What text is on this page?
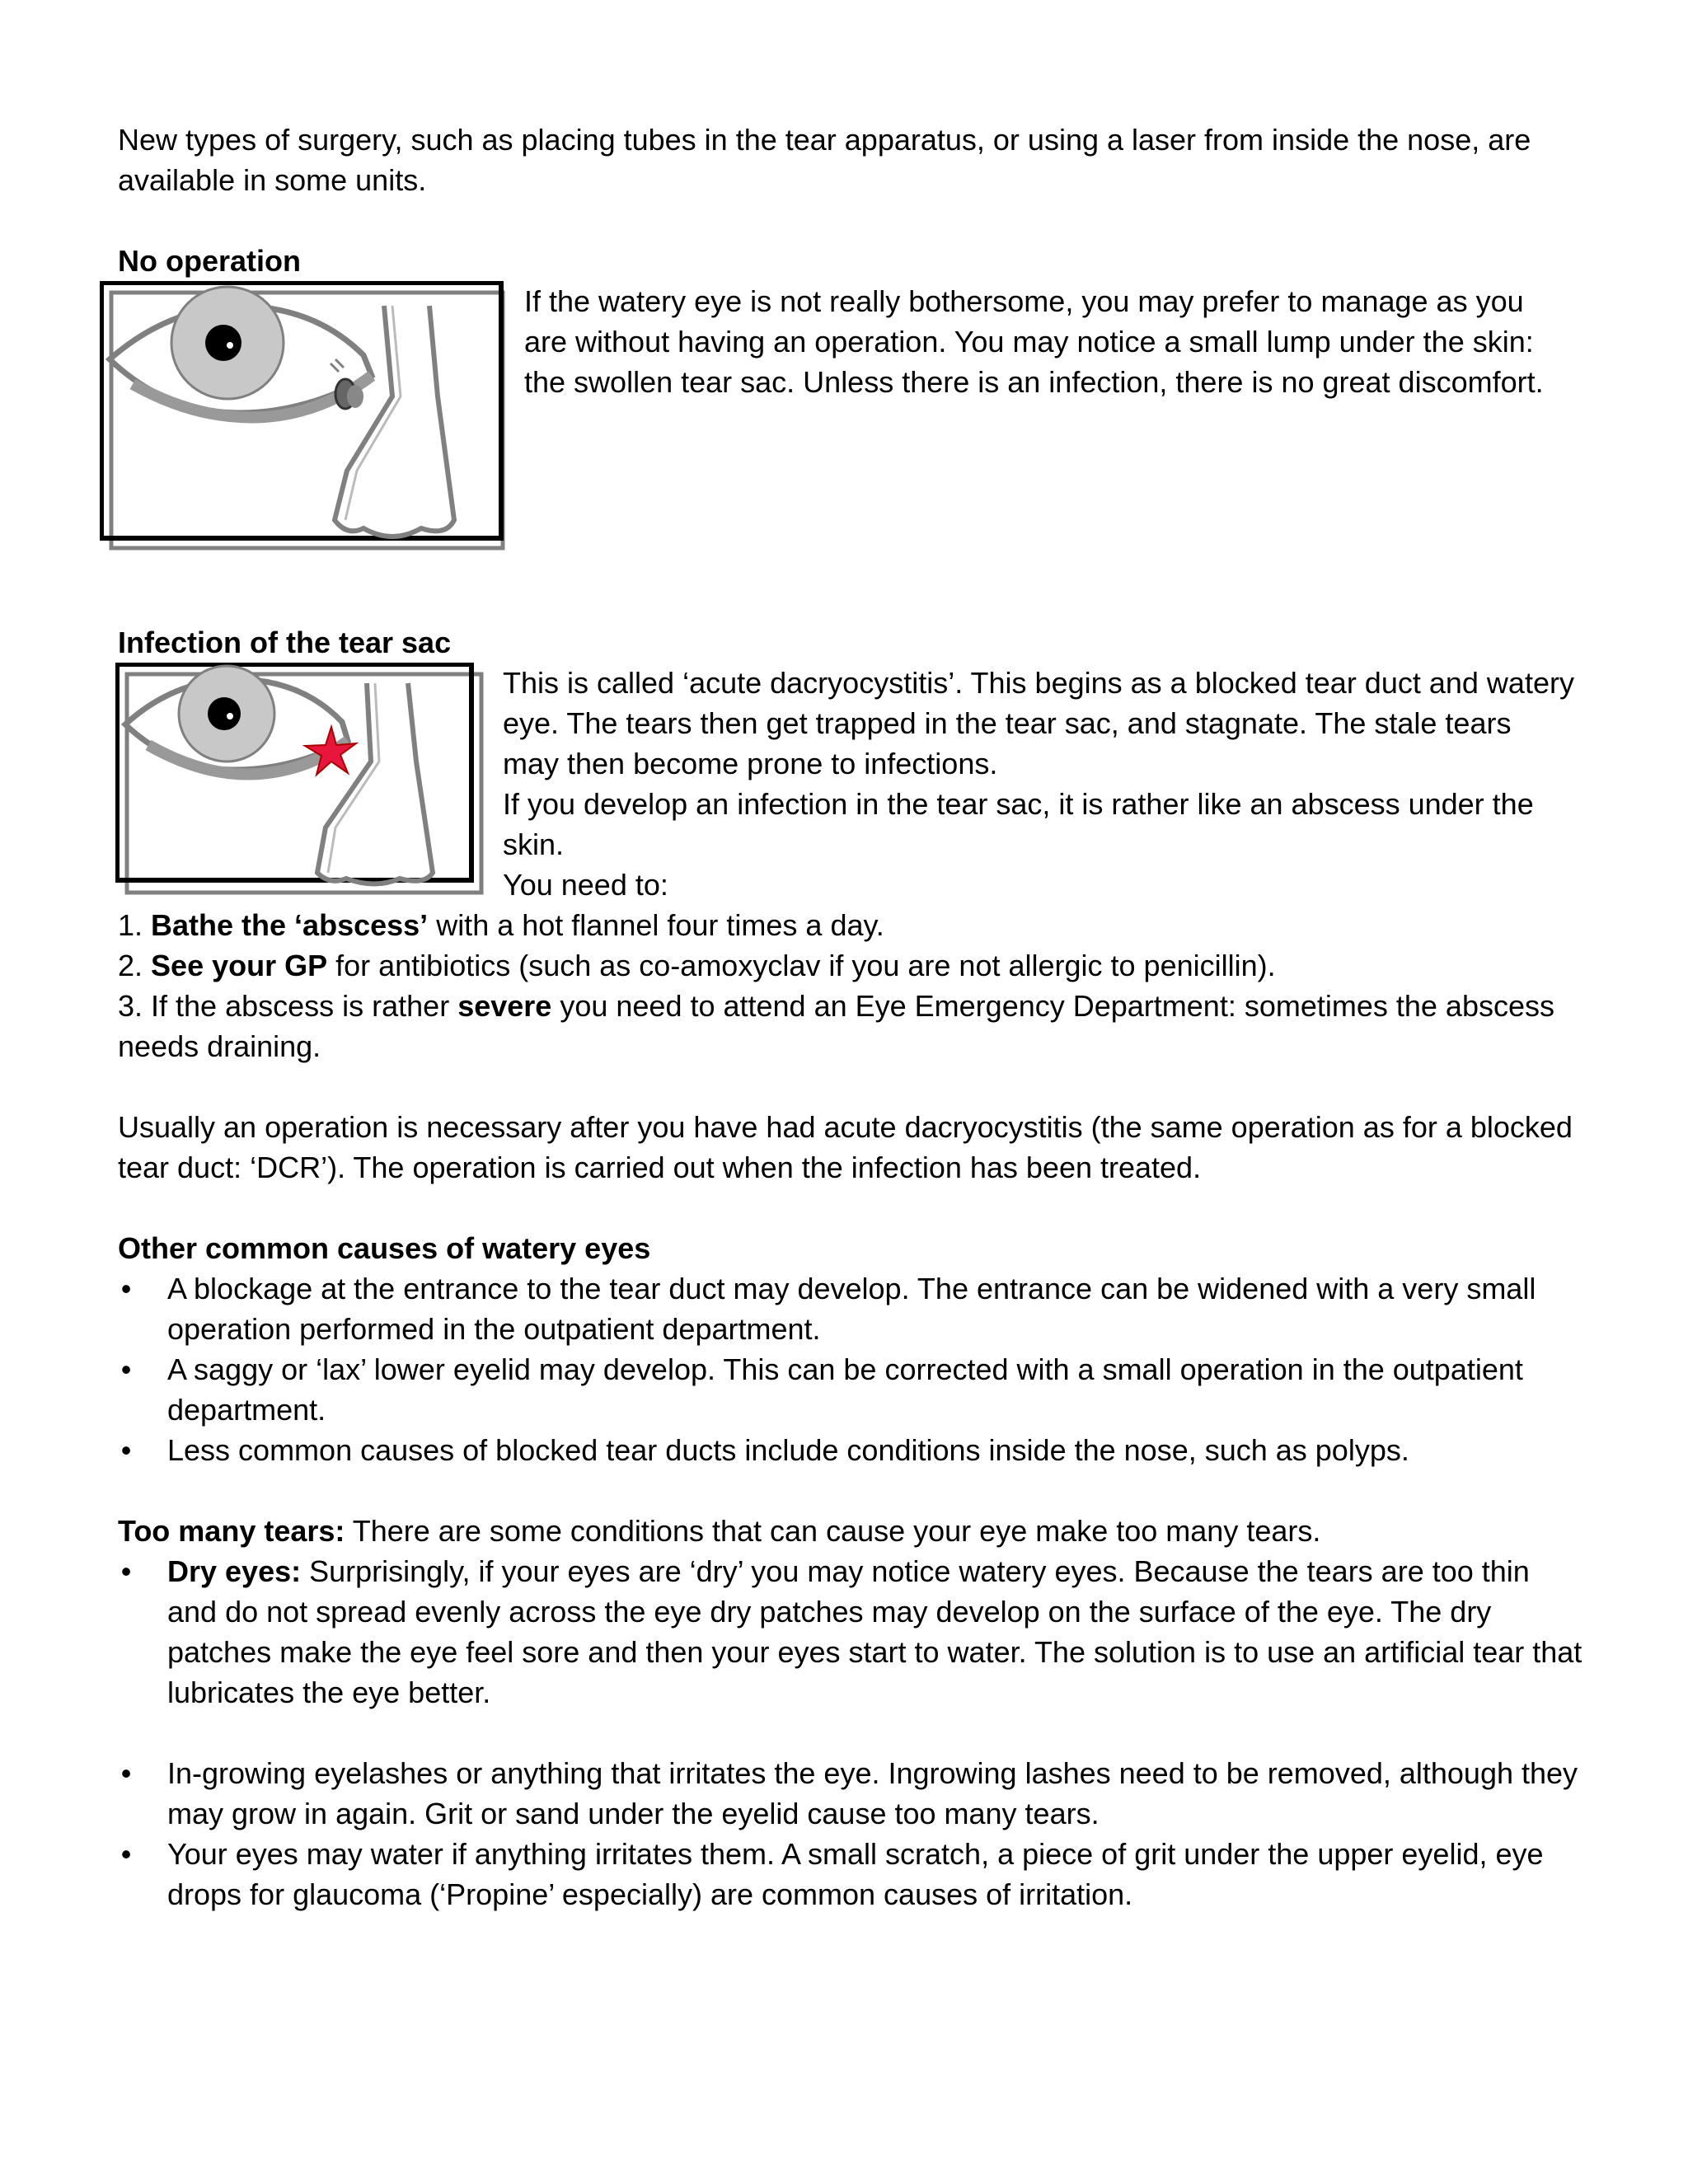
New types of surgery, such as placing tubes in the tear apparatus, or using a laser from inside the nose, are available in some units.

No operation

If the watery eye is not really bothersome, you may prefer to manage as you are without having an operation. You may notice a small lump under the skin: the swollen tear sac. Unless there is an infection, there is no great discomfort.

Infection of the tear sac

This is called ‘acute dacryocystitis’. This begins as a blocked tear duct and watery eye. The tears then get trapped in the tear sac, and stagnate. The stale tears may then become prone to infections.

If you develop an infection in the tear sac, it is rather like an abscess under the skin.

You need to:

1. Bathe the ‘abscess’ with a hot flannel four times a day.
2. See your GP for antibiotics (such as co-amoxyclav if you are not allergic to penicillin).
3. If the abscess is rather severe you need to attend an Eye Emergency Department: sometimes the abscess needs draining.

Usually an operation is necessary after you have had acute dacryocystitis (the same operation as for a blocked tear duct: ‘DCR’). The operation is carried out when the infection has been treated.

Other common causes of watery eyes

• A blockage at the entrance to the tear duct may develop. The entrance can be widened with a very small operation performed in the outpatient department.
• A saggy or ‘lax’ lower eyelid may develop. This can be corrected with a small operation in the outpatient department.
• Less common causes of blocked tear ducts include conditions inside the nose, such as polyps.

Too many tears: There are some conditions that can cause your eye make too many tears.

• Dry eyes: Surprisingly, if your eyes are ‘dry’ you may notice watery eyes. Because the tears are too thin and do not spread evenly across the eye dry patches may develop on the surface of the eye. The dry patches make the eye feel sore and then your eyes start to water. The solution is to use an artificial tear that lubricates the eye better.
• In-growing eyelashes or anything that irritates the eye. Ingrowing lashes need to be removed, although they may grow in again. Grit or sand under the eyelid cause too many tears.
• Your eyes may water if anything irritates them. A small scratch, a piece of grit under the upper eyelid, eye drops for glaucoma (‘Propine’ especially) are common causes of irritation.
